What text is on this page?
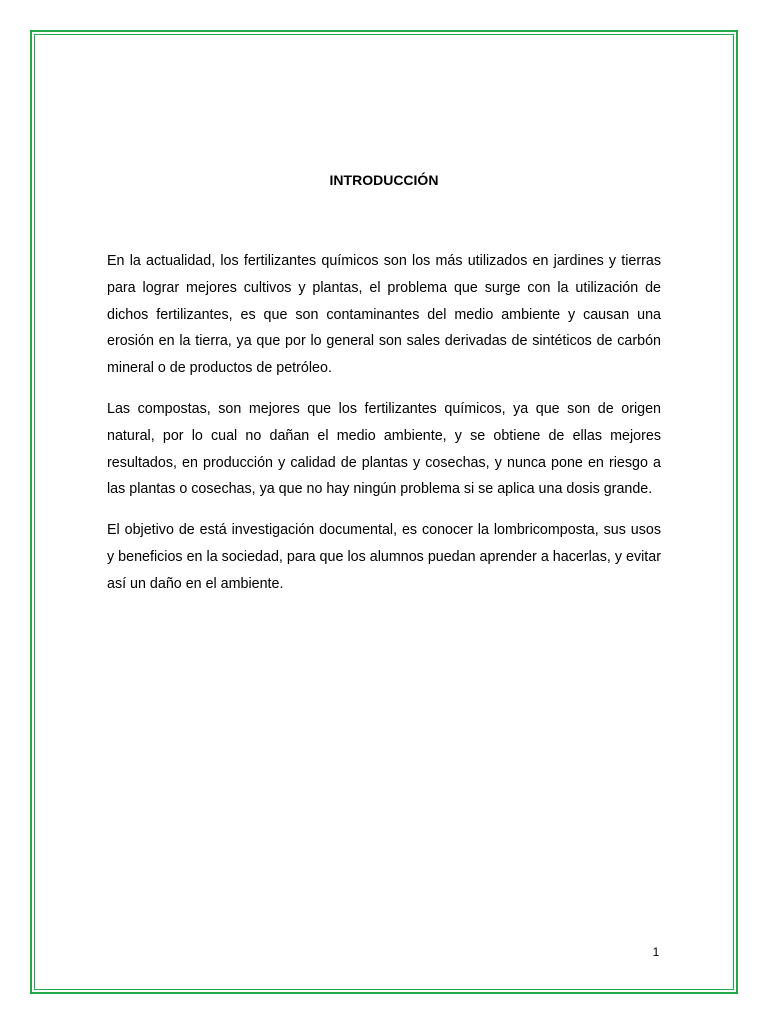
INTRODUCCIÓN

En la actualidad, los fertilizantes químicos son los más utilizados en jardines y tierras para lograr mejores cultivos y plantas, el problema que surge con la utilización de dichos fertilizantes, es que son contaminantes del medio ambiente y causan una erosión en la tierra, ya que por lo general son sales derivadas de sintéticos de carbón mineral o de productos de petróleo.

Las compostas, son mejores que los fertilizantes químicos, ya que son de origen natural, por lo cual no dañan el medio ambiente, y se obtiene de ellas mejores resultados, en producción y calidad de plantas y cosechas, y nunca pone en riesgo a las plantas o cosechas, ya que no hay ningún problema si se aplica una dosis grande.

El objetivo de está investigación documental, es conocer la lombricomposta, sus usos y beneficios en la sociedad, para que los alumnos puedan aprender a hacerlas, y evitar así un daño en el ambiente.

1
